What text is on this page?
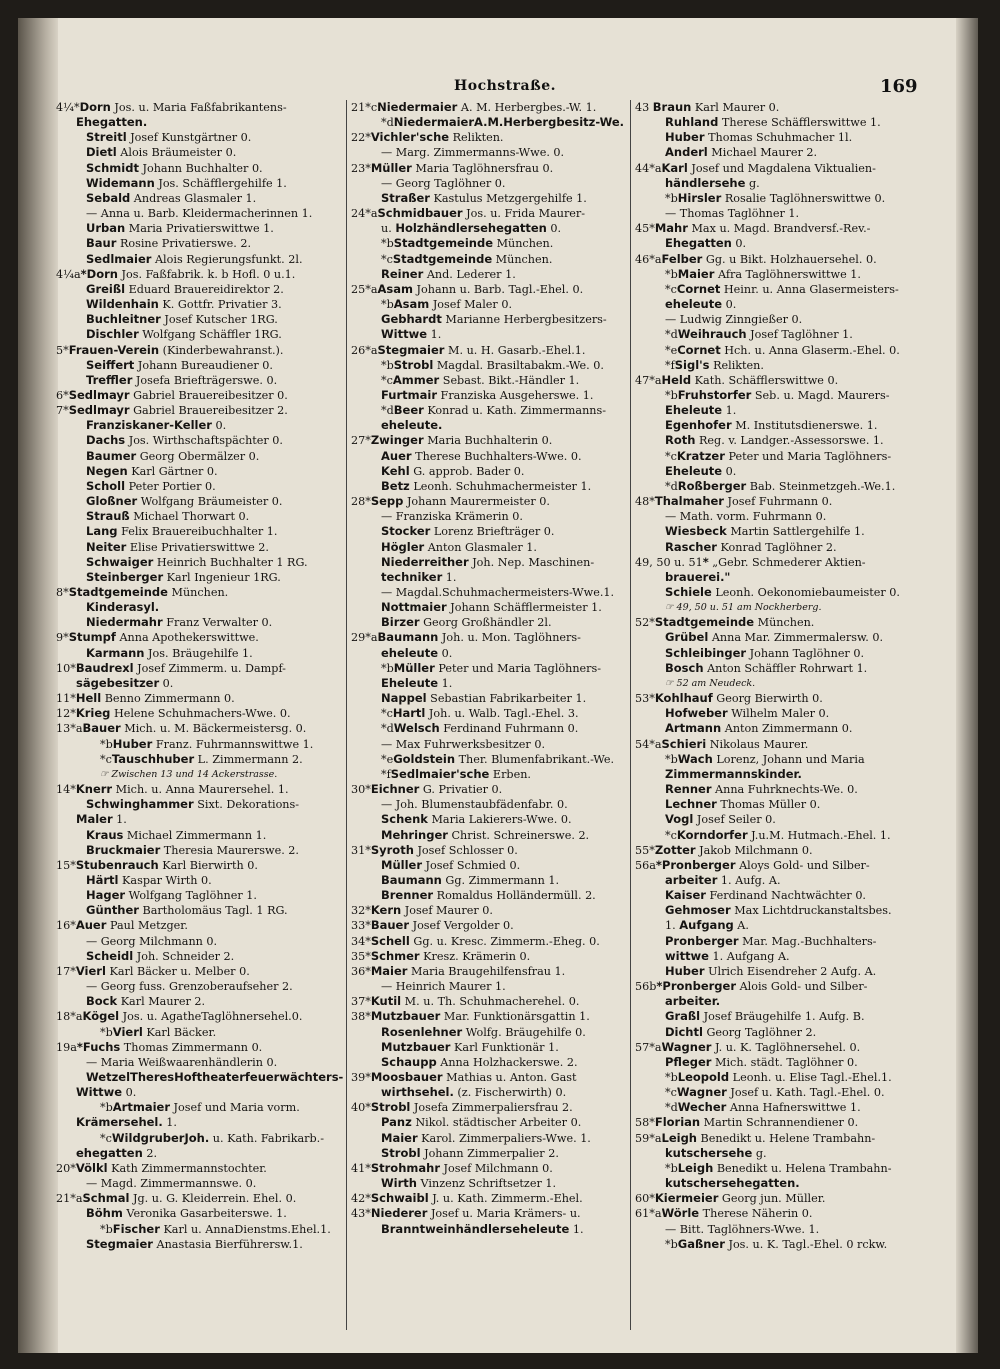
Hochstraße.	169
4¼*Dorn Jos. u. Maria Faßfabrikantens-
Ehegatten.
Streitl Josef Kunstgärtner 0.
Dietl Alois Bräumeister 0.
Schmidt Johann Buchhalter 0.
Widemann Jos. Schäfflergehilfe 1.
Sebald Andreas Glasmaler 1.
— Anna u. Barb. Kleidermacherinnen 1.
Urban Maria Privatierswittwe 1.
Baur Rosine Privatierswe. 2.
Sedlmaier Alois Regierungsfunkt. 2l.
4¼a*Dorn Jos. Faßfabrik. k. b Hofl. 0 u.1.
Greißl Eduard Brauereidirektor 2.
Wildenhain K. Gottfr. Privatier 3.
Buchleitner Josef Kutscher 1RG.
Dischler Wolfgang Schäffler 1RG.
5*Frauen-Verein (Kinderbewahranst.).
Seiffert Johann Bureaudiener 0.
Treffler Josefa Briefträgerswe. 0.
6*Sedlmayr Gabriel Brauereibesitzer 0.
7*Sedlmayr Gabriel Brauereibesitzer 2.
Franziskaner-Keller 0.
Dachs Jos. Wirthschaftspächter 0.
Baumer Georg Obermälzer 0.
Negen Karl Gärtner 0.
Scholl Peter Portier 0.
Gloßner Wolfgang Bräumeister 0.
Strauß Michael Thorwart 0.
Lang Felix Brauereibuchhalter 1.
Neiter Elise Privatierswittwe 2.
Schwaiger Heinrich Buchhalter 1 RG.
Steinberger Karl Ingenieur 1RG.
8*Stadtgemeinde München.
Kinderasyl.
Niedermahr Franz Verwalter 0.
9*Stumpf Anna Apothekerswittwe.
Karmann Jos. Bräugehilfe 1.
10*Baudrexl Josef Zimmerm. u. Dampf-
sägebesitzer 0.
11*Hell Benno Zimmermann 0.
12*Krieg Helene Schuhmachers-Wwe. 0.
13*aBauer Mich. u. M. Bäckermeistersg. 0.
*bHuber Franz. Fuhrmannswittwe 1.
*cTauschhuber L. Zimmermann 2.
☞ Zwischen 13 und 14 Ackerstrasse.
14*Knerr Mich. u. Anna Maurersehel. 1.
Schwinghammer Sixt. Dekorations-
Maler 1.
Kraus Michael Zimmermann 1.
Bruckmaier Theresia Maurerswe. 2.
15*Stubenrauch Karl Bierwirth 0.
Härtl Kaspar Wirth 0.
Hager Wolfgang Taglöhner 1.
Günther Bartholomäus Tagl. 1 RG.
16*Auer Paul Metzger.
— Georg Milchmann 0.
Scheidl Joh. Schneider 2.
17*Vierl Karl Bäcker u. Melber 0.
— Georg fuss. Grenzoberaufseher 2.
Bock Karl Maurer 2.
18*aKögel Jos. u. AgatheTaglöhnersehel.0.
*bVierl Karl Bäcker.
19a*Fuchs Thomas Zimmermann 0.
— Maria Weißwaarenhändlerin 0.
WetzelTheresHoftheaterfeuerwächters-
Wittwe 0.
*bArtmaier Josef und Maria vorm.
Krämersehel. 1.
*cWildgruberJoh. u. Kath. Fabrikarb.-
ehegatten 2.
20*Völkl Kath Zimmermannstochter.
— Magd. Zimmermannswe. 0.
21*aSchmal Jg. u. G. Kleiderrein. Ehel. 0.
Böhm Veronika Gasarbeiterswe. 1.
*bFischer Karl u. AnnaDienstms.Ehel.1.
Stegmaier Anastasia Bierführersw.1.
21*cNiedermaier A. M. Herbergbes.-W. 1.
*dNiedermaierA.M.Herbergbesitz-We.
22*Vichler'sche Relikten.
— Marg. Zimmermanns-Wwe. 0.
23*Müller Maria Taglöhnersfrau 0.
— Georg Taglöhner 0.
Straßer Kastulus Metzgergehilfe 1.
24*aSchmidbauer Jos. u. Frida Maurer-
u. Holzhändlersehegatten 0.
*bStadtgemeinde München.
*cStadtgemeinde München.
Reiner And. Lederer 1.
25*aAsam Johann u. Barb. Tagl.-Ehel. 0.
*bAsam Josef Maler 0.
Gebhardt Marianne Herbergbesitzers-
Wittwe 1.
26*aStegmaier M. u. H. Gasarb.-Ehel.1.
*bStrobl Magdal. Brasiltabakm.-We. 0.
*cAmmer Sebast. Bikt.-Händler 1.
Furtmair Franziska Ausgeherswe. 1.
*dBeer Konrad u. Kath. Zimmermanns-
eheleute.
27*Zwinger Maria Buchhalterin 0.
Auer Therese Buchhalters-Wwe. 0.
Kehl G. approb. Bader 0.
Betz Leonh. Schuhmachermeister 1.
28*Sepp Johann Maurermeister 0.
— Franziska Krämerin 0.
Stocker Lorenz Briefträger 0.
Högler Anton Glasmaler 1.
Niederreither Joh. Nep. Maschinen-
techniker 1.
— Magdal.Schuhmachermeisters-Wwe.1.
Nottmaier Johann Schäfflermeister 1.
Birzer Georg Großhändler 2l.
29*aBaumann Joh. u. Mon. Taglöhners-
eheleute 0.
*bMüller Peter und Maria Taglöhners-
Eheleute 1.
Nappel Sebastian Fabrikarbeiter 1.
*cHartl Joh. u. Walb. Tagl.-Ehel. 3.
*dWelsch Ferdinand Fuhrmann 0.
— Max Fuhrwerksbesitzer 0.
*eGoldstein Ther. Blumenfabrikant.-We.
*fSedlmaier'sche Erben.
30*Eichner G. Privatier 0.
— Joh. Blumenstaubfädenfabr. 0.
Schenk Maria Lakierers-Wwe. 0.
Mehringer Christ. Schreinerswe. 2.
31*Syroth Josef Schlosser 0.
Müller Josef Schmied 0.
Baumann Gg. Zimmermann 1.
Brenner Romaldus Holländermüll. 2.
32*Kern Josef Maurer 0.
33*Bauer Josef Vergolder 0.
34*Schell Gg. u. Kresc. Zimmerm.-Eheg. 0.
35*Schmer Kresz. Krämerin 0.
36*Maier Maria Braugehilfensfrau 1.
— Heinrich Maurer 1.
37*Kutil M. u. Th. Schuhmacherehel. 0.
38*Mutzbauer Mar. Funktionärsgattin 1.
Rosenlehner Wolfg. Bräugehilfe 0.
Mutzbauer Karl Funktionär 1.
Schaupp Anna Holzhackerswe. 2.
39*Moosbauer Mathias u. Anton. Gast
wirthsehel. (z. Fischerwirth) 0.
40*Strobl Josefa Zimmerpaliersfrau 2.
Panz Nikol. städtischer Arbeiter 0.
Maier Karol. Zimmerpaliers-Wwe. 1.
Strobl Johann Zimmerpalier 2.
41*Strohmahr Josef Milchmann 0.
Wirth Vinzenz Schriftsetzer 1.
42*Schwaibl J. u. Kath. Zimmerm.-Ehel.
43*Niederer Josef u. Maria Krämers- u.
Branntweinhändlerseheleute 1.
43 Braun Karl Maurer 0.
Ruhland Therese Schäfflerswittwe 1.
Huber Thomas Schuhmacher 1l.
Anderl Michael Maurer 2.
44*aKarl Josef und Magdalena Viktualien-
händlersehe g.
*bHirsler Rosalie Taglöhnerswittwe 0.
— Thomas Taglöhner 1.
45*Mahr Max u. Magd. Brandversf.-Rev.-
Ehegatten 0.
46*aFelber Gg. u Bikt. Holzhauersehel. 0.
*bMaier Afra Taglöhnerswittwe 1.
*cCornet Heinr. u. Anna Glasermeisters-
eheleute 0.
— Ludwig Zinngießer 0.
*dWeihrauch Josef Taglöhner 1.
*eCornet Hch. u. Anna Glaserm.-Ehel. 0.
*fSigl's Relikten.
47*aHeld Kath. Schäfflerswittwe 0.
*bFruhstorfer Seb. u. Magd. Maurers-
Eheleute 1.
Egenhofer M. Institutsdienerswe. 1.
Roth Reg. v. Landger.-Assessorswe. 1.
*cKratzer Peter und Maria Taglöhners-
Eheleute 0.
*dRoßberger Bab. Steinmetzgeh.-We.1.
48*Thalmaher Josef Fuhrmann 0.
— Math. vorm. Fuhrmann 0.
Wiesbeck Martin Sattlergehilfe 1.
Rascher Konrad Taglöhner 2.
49, 50 u. 51* „Gebr. Schmederer Aktien-
brauerei."
Schiele Leonh. Oekonomiebaumeister 0.
☞ 49, 50 u. 51 am Nockherberg.
52*Stadtgemeinde München.
Grübel Anna Mar. Zimmermalersw. 0.
Schleibinger Johann Taglöhner 0.
Bosch Anton Schäffler Rohrwart 1.
☞ 52 am Neudeck.
53*Kohlhauf Georg Bierwirth 0.
Hofweber Wilhelm Maler 0.
Artmann Anton Zimmermann 0.
54*aSchieri Nikolaus Maurer.
*bWach Lorenz, Johann und Maria
Zimmermannskinder.
Renner Anna Fuhrknechts-We. 0.
Lechner Thomas Müller 0.
Vogl Josef Seiler 0.
*cKorndorfer J.u.M. Hutmach.-Ehel. 1.
55*Zotter Jakob Milchmann 0.
56a*Pronberger Aloys Gold- und Silber-
arbeiter 1. Aufg. A.
Kaiser Ferdinand Nachtwächter 0.
Gehmoser Max Lichtdruckanstaltsbes.
1. Aufgang A.
Pronberger Mar. Mag.-Buchhalters-
wittwe 1. Aufgang A.
Huber Ulrich Eisendreher 2 Aufg. A.
56b*Pronberger Alois Gold- und Silber-
arbeiter.
Graßl Josef Bräugehilfe 1. Aufg. B.
Dichtl Georg Taglöhner 2.
57*aWagner J. u. K. Taglöhnersehel. 0.
Pfleger Mich. städt. Taglöhner 0.
*bLeopold Leonh. u. Elise Tagl.-Ehel.1.
*cWagner Josef u. Kath. Tagl.-Ehel. 0.
*dWecher Anna Hafnerswittwe 1.
58*Florian Martin Schrannendiener 0.
59*aLeigh Benedikt u. Helene Trambahn-
kutschersehe g.
*bLeigh Benedikt u. Helena Trambahn-
kutschersehegatten.
60*Kiermeier Georg jun. Müller.
61*aWörle Therese Näherin 0.
— Bitt. Taglöhners-Wwe. 1.
*bGaßner Jos. u. K. Tagl.-Ehel. 0 rckw.
